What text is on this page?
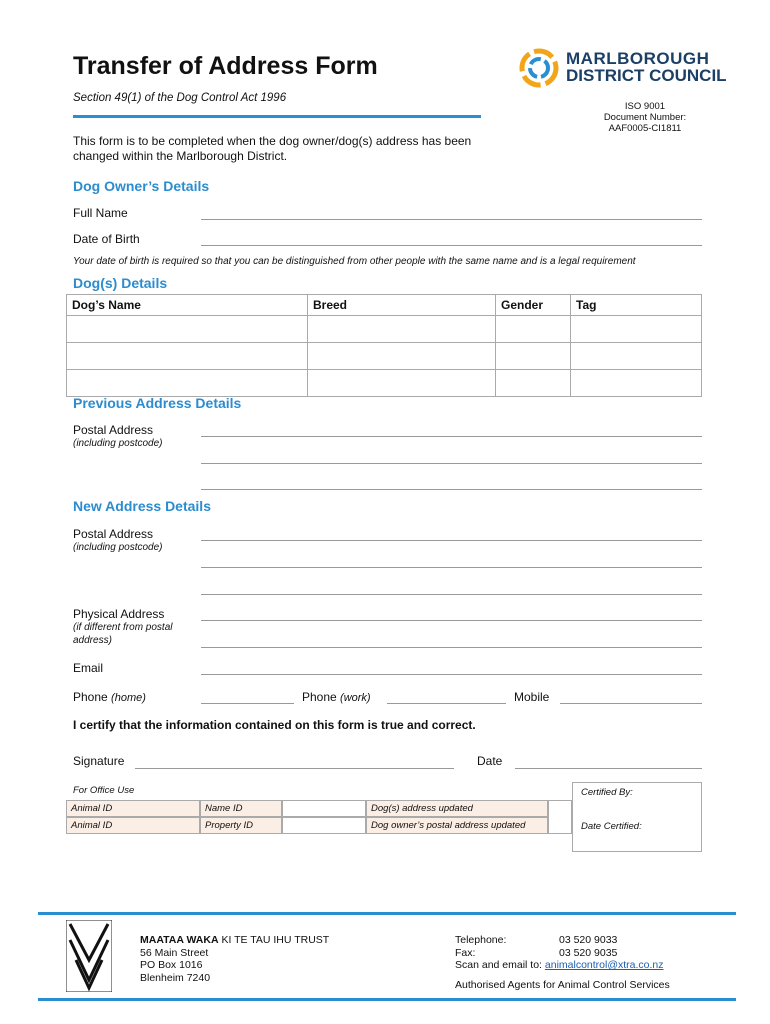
Transfer of Address Form
Section 49(1) of the Dog Control Act 1996
MARLBOROUGH
DISTRICT COUNCIL
ISO 9001
Document Number:
AAF0005-CI1811
This form is to be completed when the dog owner/dog(s) address has been changed within the Marlborough District.
Dog Owner’s Details
Full Name
Date of Birth
Your date of birth is required so that you can be distinguished from other people with the same name and is a legal requirement
Dog(s) Details
Dog’s Name	Breed	Gender	Tag

Previous Address Details
Postal Address
(including postcode)
New Address Details
Postal Address
(including postcode)
Physical Address
(if different from postal
address)
Email
Phone (home)	Phone (work)	Mobile
I certify that the information contained on this form is true and correct.
Signature	Date
For Office Use
Animal ID	Name ID	Dog(s) address updated
Animal ID	Property ID	Dog owner’s postal address updated
Certified By:
Date Certified:
MAATAA WAKA KI TE TAU IHU TRUST
56 Main Street
PO Box 1016
Blenheim 7240
Telephone:	03 520 9033
Fax:	03 520 9035
Scan and email to: animalcontrol@xtra.co.nz
Authorised Agents for Animal Control Services
